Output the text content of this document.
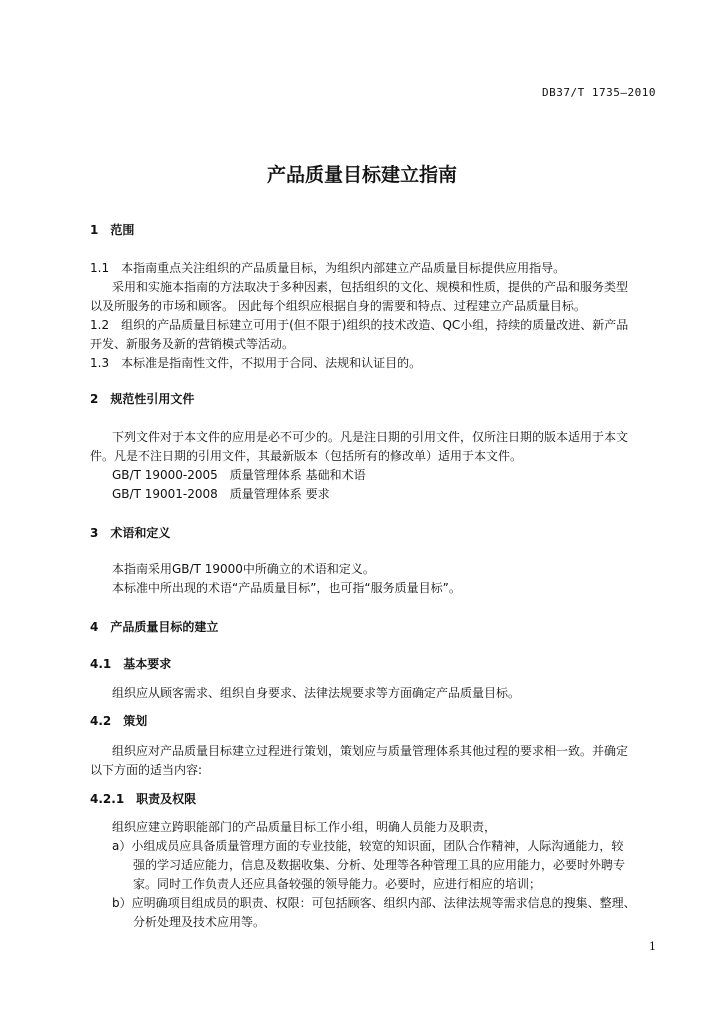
DB37/T 1735—2010
产品质量目标建立指南
1　范围
1.1　本指南重点关注组织的产品质量目标，为组织内部建立产品质量目标提供应用指导。
采用和实施本指南的方法取决于多种因素，包括组织的文化、规模和性质，提供的产品和服务类型
以及所服务的市场和顾客。 因此每个组织应根据自身的需要和特点、过程建立产品质量目标。
1.2　组织的产品质量目标建立可用于(但不限于)组织的技术改造、QC小组，持续的质量改进、新产品
开发、新服务及新的营销模式等活动。
1.3　本标准是指南性文件，不拟用于合同、法规和认证目的。
2　规范性引用文件
下列文件对于本文件的应用是必不可少的。凡是注日期的引用文件，仅所注日期的版本适用于本文
件。凡是不注日期的引用文件，其最新版本（包括所有的修改单）适用于本文件。
GB/T 19000-2005　质量管理体系 基础和术语
GB/T 19001-2008　质量管理体系 要求
3　术语和定义
本指南采用GB/T 19000中所确立的术语和定义。
本标准中所出现的术语“产品质量目标”，也可指“服务质量目标”。
4　产品质量目标的建立
4.1　基本要求
组织应从顾客需求、组织自身要求、法律法规要求等方面确定产品质量目标。
4.2　策划
组织应对产品质量目标建立过程进行策划，策划应与质量管理体系其他过程的要求相一致。并确定
以下方面的适当内容:
4.2.1　职责及权限
组织应建立跨职能部门的产品质量目标工作小组，明确人员能力及职责，
a）小组成员应具备质量管理方面的专业技能，较宽的知识面，团队合作精神，人际沟通能力，较
强的学习适应能力，信息及数据收集、分析、处理等各种管理工具的应用能力，必要时外聘专
家。同时工作负责人还应具备较强的领导能力。必要时，应进行相应的培训；
b）应明确项目组成员的职责、权限：可包括顾客、组织内部、法律法规等需求信息的搜集、整理、
分析处理及技术应用等。
1
